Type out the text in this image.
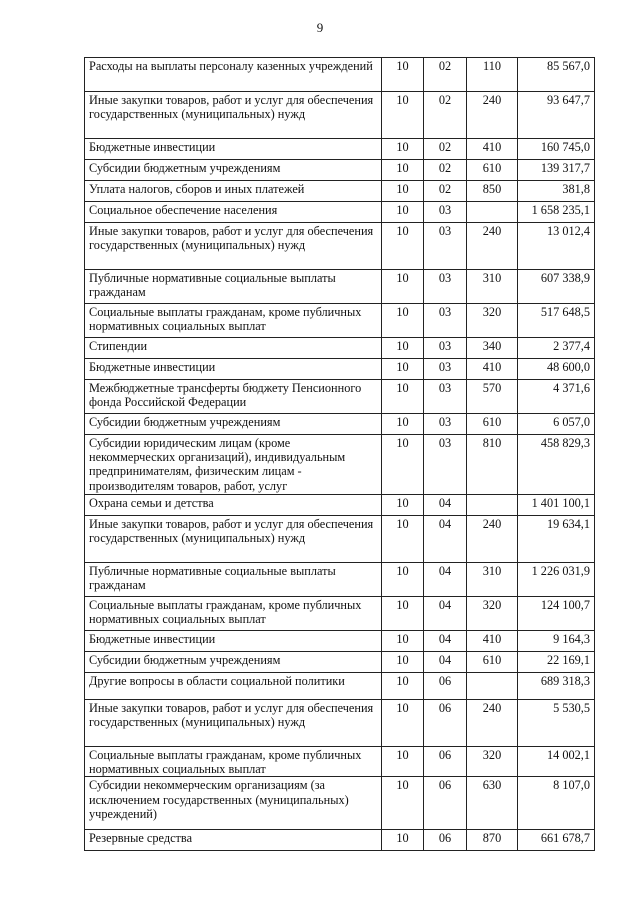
9
Расходы на выплаты персоналу казенных учреждений	10	02	110	85 567,0
Иные закупки товаров, работ и услуг для обеспечения государственных (муниципальных) нужд	10	02	240	93 647,7
Бюджетные инвестиции	10	02	410	160 745,0
Субсидии бюджетным учреждениям	10	02	610	139 317,7
Уплата налогов, сборов и иных платежей	10	02	850	381,8
Социальное обеспечение населения	10	03		1 658 235,1
Иные закупки товаров, работ и услуг для обеспечения государственных (муниципальных) нужд	10	03	240	13 012,4
Публичные нормативные социальные выплаты гражданам	10	03	310	607 338,9
Социальные выплаты гражданам, кроме публичных нормативных социальных выплат	10	03	320	517 648,5
Стипендии	10	03	340	2 377,4
Бюджетные инвестиции	10	03	410	48 600,0
Межбюджетные трансферты бюджету Пенсионного фонда Российской Федерации	10	03	570	4 371,6
Субсидии бюджетным учреждениям	10	03	610	6 057,0
Субсидии юридическим лицам (кроме некоммерческих организаций), индивидуальным предпринимателям, физическим лицам - производителям товаров, работ, услуг	10	03	810	458 829,3
Охрана семьи и детства	10	04		1 401 100,1
Иные закупки товаров, работ и услуг для обеспечения государственных (муниципальных) нужд	10	04	240	19 634,1
Публичные нормативные социальные выплаты гражданам	10	04	310	1 226 031,9
Социальные выплаты гражданам, кроме публичных нормативных социальных выплат	10	04	320	124 100,7
Бюджетные инвестиции	10	04	410	9 164,3
Субсидии бюджетным учреждениям	10	04	610	22 169,1
Другие вопросы в области социальной политики	10	06		689 318,3
Иные закупки товаров, работ и услуг для обеспечения государственных (муниципальных) нужд	10	06	240	5 530,5
Социальные выплаты гражданам, кроме публичных нормативных социальных выплат	10	06	320	14 002,1
Субсидии некоммерческим организациям (за исключением государственных (муниципальных) учреждений)	10	06	630	8 107,0
Резервные средства	10	06	870	661 678,7
